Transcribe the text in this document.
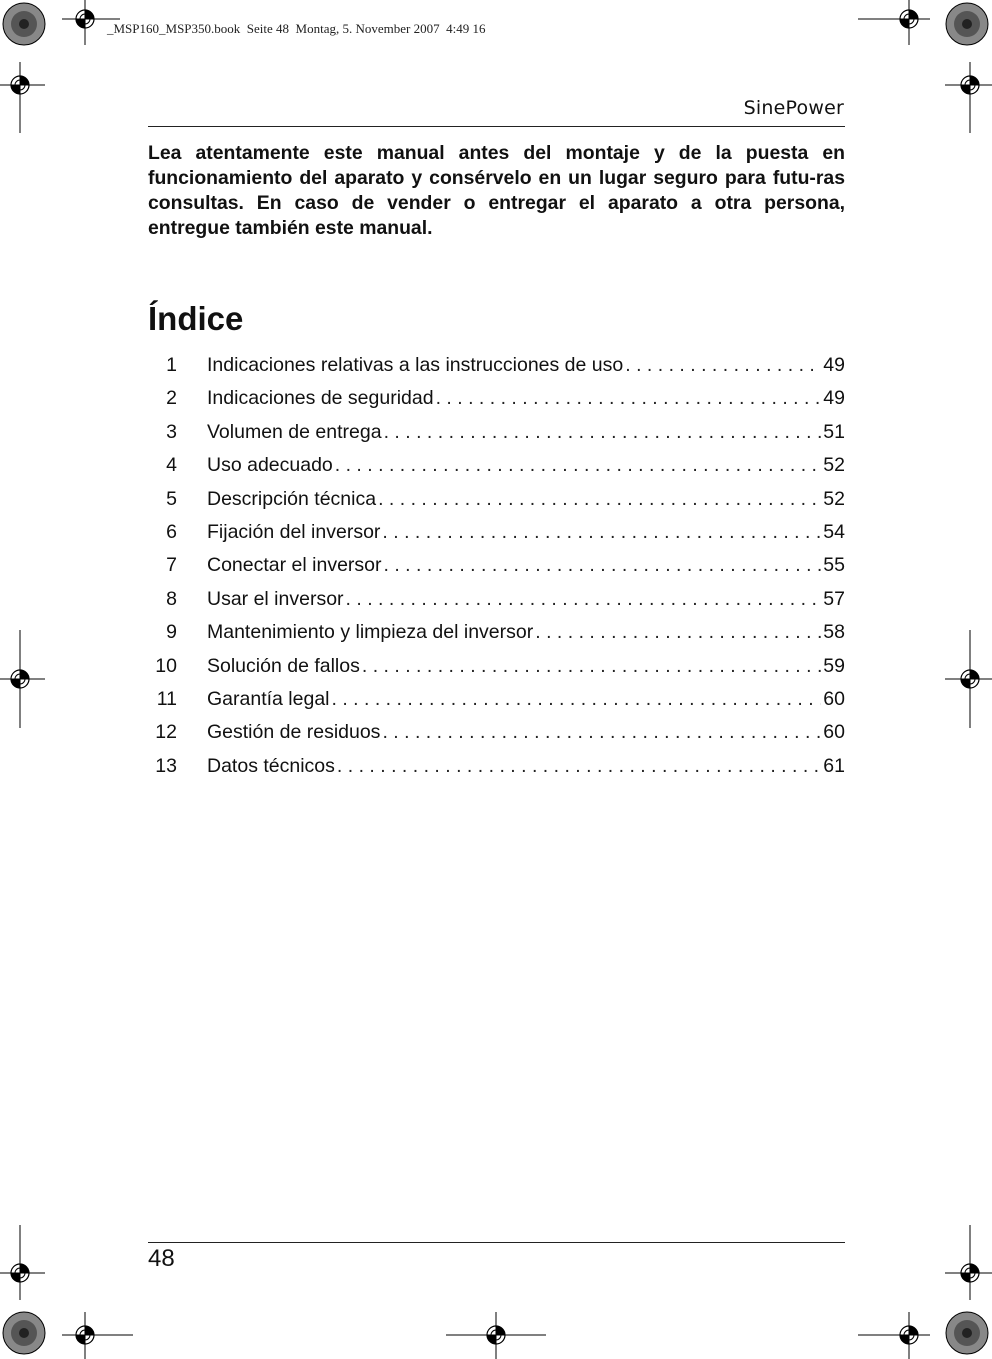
_MSP160_MSP350.book  Seite 48  Montag, 5. November 2007  4:49 16
SinePower

Lea atentamente este manual antes del montaje y de la puesta en funcionamiento del aparato y consérvelo en un lugar seguro para futu-ras consultas. En caso de vender o entregar el aparato a otra persona, entregue también este manual.

Índice
1 Indicaciones relativas a las instrucciones de uso . . .	49
2 Indicaciones de seguridad . . .	49
3 Volumen de entrega . . .	51
4 Uso adecuado . . .	52
5 Descripción técnica . . .	52
6 Fijación del inversor . . .	54
7 Conectar el inversor . . .	55
8 Usar el inversor . . .	57
9 Mantenimiento y limpieza del inversor . . .	58
10 Solución de fallos . . .	59
11 Garantía legal . . .	60
12 Gestión de residuos . . .	60
13 Datos técnicos . . .	61
48
